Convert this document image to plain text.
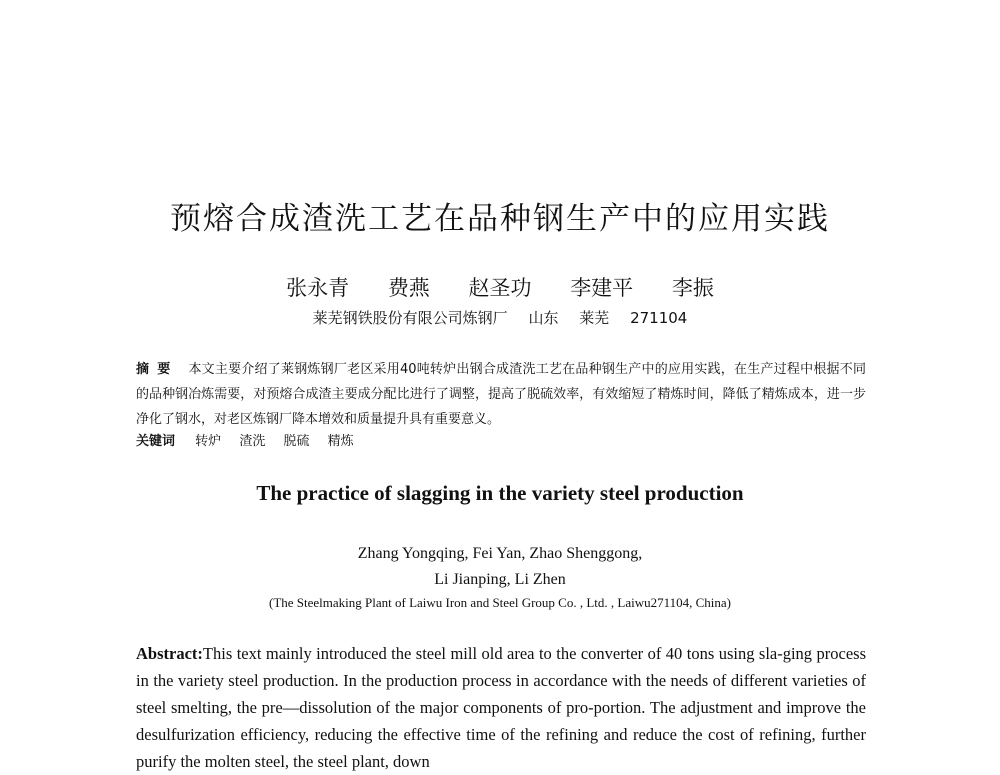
预熔合成渣洗工艺在品种钢生产中的应用实践
张永青 费燕 赵圣功 李建平 李振
莱芜钢铁股份有限公司炼钢厂 山东 莱芜 271104
摘要 本文主要介绍了莱钢炼钢厂老区采用40吨转炉出钢合成渣洗工艺在品种钢生产中的应用实践，在生产过程中根据不同的品种钢冶炼需要，对预熔合成渣主要成分配比进行了调整，提高了脱硫效率，有效缩短了精炼时间，降低了精炼成本，进一步净化了钢水，对老区炼钢厂降本增效和质量提升具有重要意义。
关键词 转炉 渣洗 脱硫 精炼
The practice of slagging in the variety steel production
Zhang Yongqing, Fei Yan, Zhao Shenggong,
Li Jianping, Li Zhen
(The Steelmaking Plant of Laiwu Iron and Steel Group Co. , Ltd. , Laiwu271104, China)
Abstract:This text mainly introduced the steel mill old area to the converter of 40 tons using sla-ging process in the variety steel production. In the production process in accordance with the needs of different varieties of steel smelting, the pre—dissolution of the major components of pro-portion. The adjustment and improve the desulfurization efficiency, reducing the effective time of the refining and reduce the cost of refining, further purify the molten steel, the steel plant, down
